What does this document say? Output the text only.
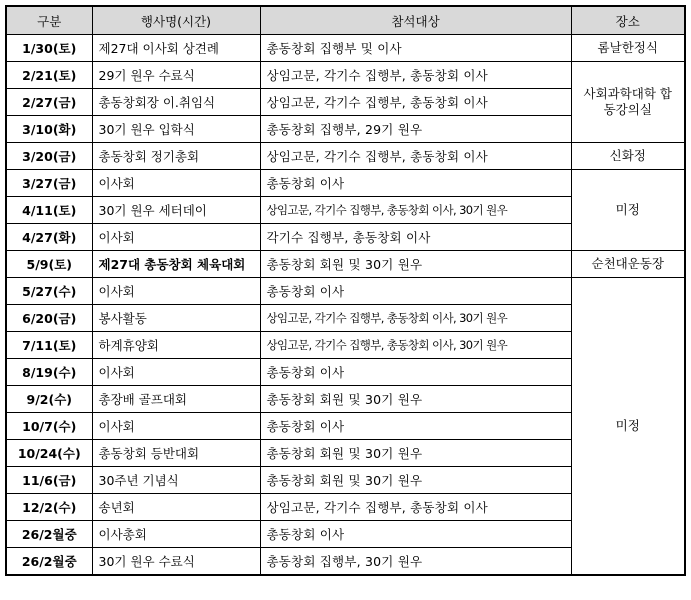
구분	행사명(시간)	참석대상	장소
1/30(토)	제27대 이사회 상견례	총동창회 집행부 및 이사	롬날한정식
2/21(토)	29기 원우 수료식	상임고문, 각기수 집행부, 총동창회 이사	사회과학대학 합동강의실
2/27(금)	총동창회장 이.취임식	상임고문, 각기수 집행부, 총동창회 이사	
3/10(화)	30기 원우 입학식	총동창회 집행부, 29기 원우	
3/20(금)	총동창회 정기총회	상임고문, 각기수 집행부, 총동창회 이사	신화정
3/27(금)	이사회	총동창회 이사	미정
4/11(토)	30기 원우 세터데이	상임고문, 각기수 집행부, 총동창회 이사, 30기 원우	
4/27(화)	이사회	각기수 집행부, 총동창회 이사	
5/9(토)	제27대 총동창회 체육대회	총동창회 회원 및 30기 원우	순천대운동장
5/27(수)	이사회	총동창회 이사	미정
6/20(금)	봉사활동	상임고문, 각기수 집행부, 총동창회 이사, 30기 원우	
7/11(토)	하계휴양회	상임고문, 각기수 집행부, 총동창회 이사, 30기 원우	
8/19(수)	이사회	총동창회 이사	
9/2(수)	총장배 골프대회	총동창회 회원 및 30기 원우	
10/7(수)	이사회	총동창회 이사	
10/24(수)	총동창회 등반대회	총동창회 회원 및 30기 원우	
11/6(금)	30주년 기념식	총동창회 회원 및 30기 원우	
12/2(수)	송년회	상임고문, 각기수 집행부, 총동창회 이사	
26/2월중	이사총회	총동창회 이사	
26/2월중	30기 원우 수료식	총동창회 집행부, 30기 원우	
